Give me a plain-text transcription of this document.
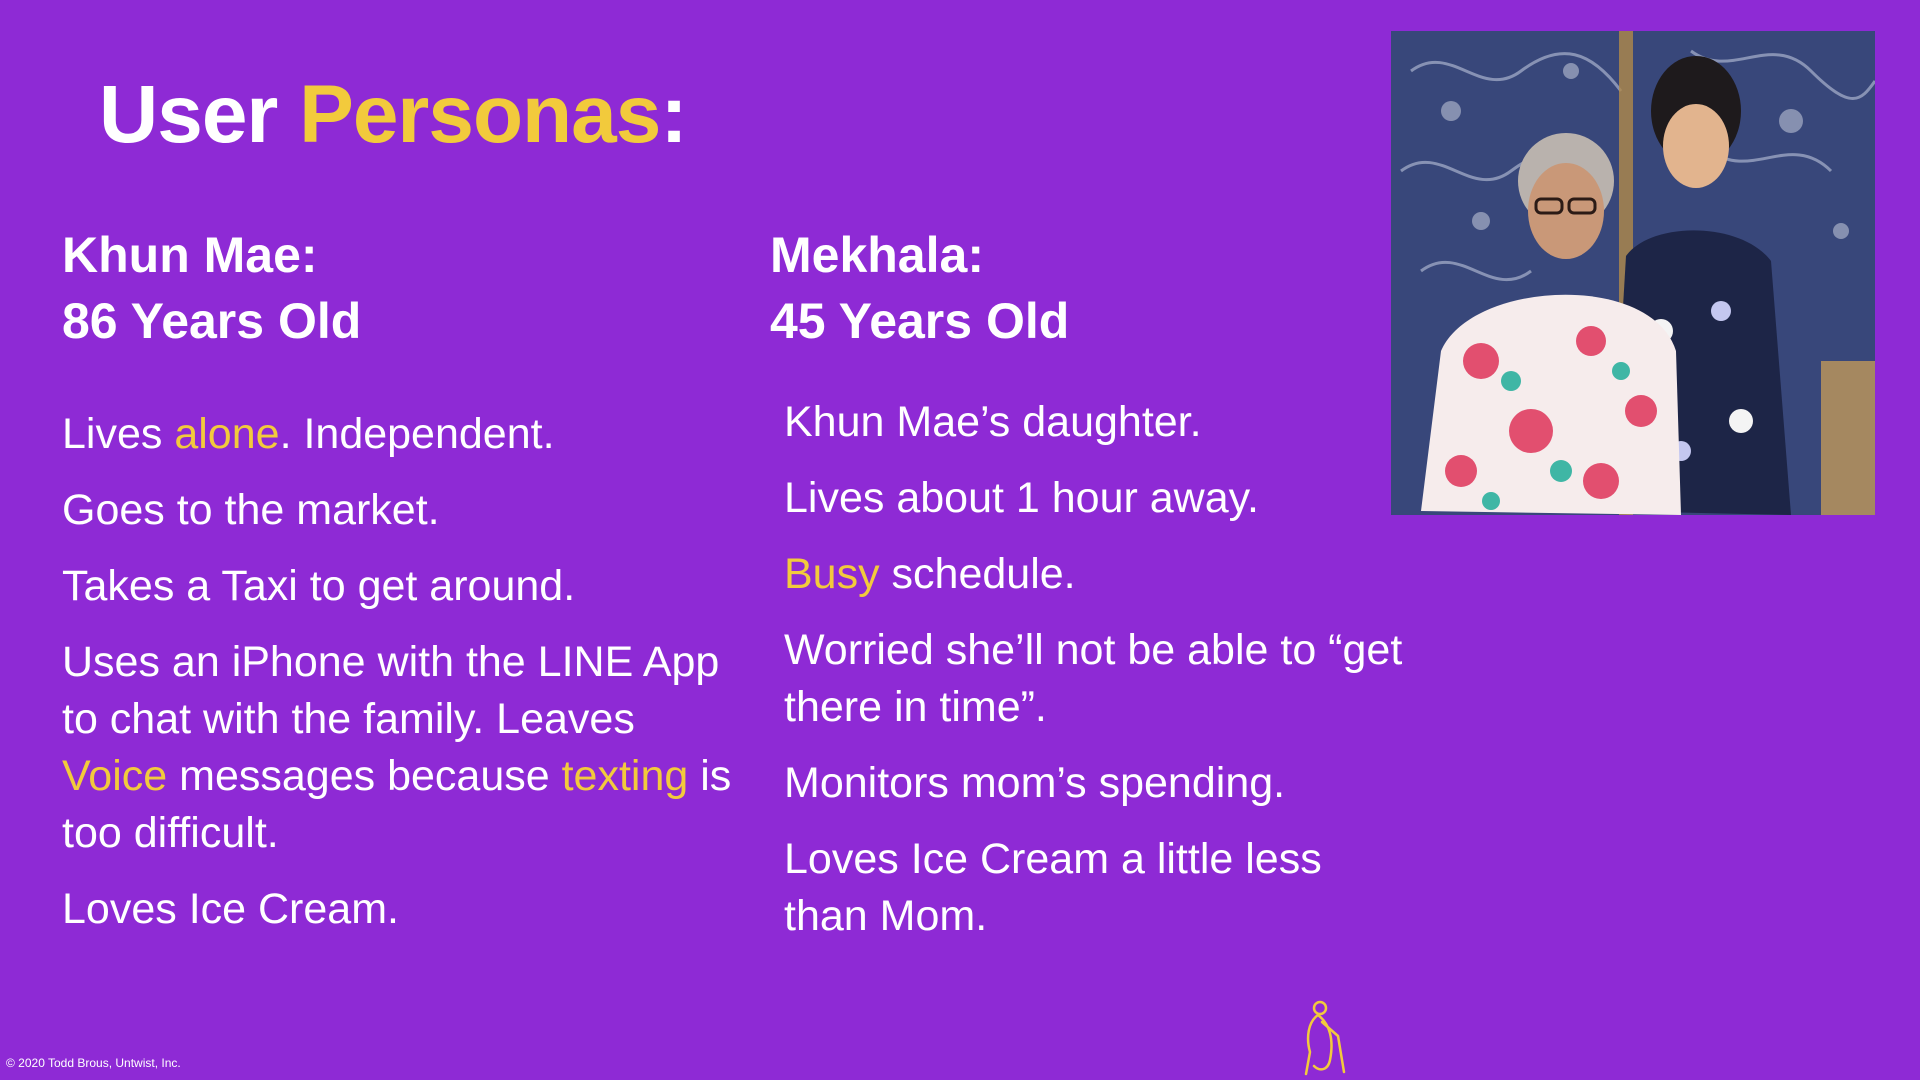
User Personas:
Khun Mae:
86 Years Old
Mekhala:
45 Years Old
Lives alone. Independent.
Goes to the market.
Takes a Taxi to get around.
Uses an iPhone with the LINE App to chat with the family. Leaves Voice messages because texting is too difficult.
Loves Ice Cream.
Khun Mae’s daughter.
Lives about 1 hour away.
Busy schedule.
Worried she’ll not be able to “get there in time”.
Monitors mom’s spending.
Loves Ice Cream a little less than Mom.
© 2020 Todd Brous, Untwist, Inc.
